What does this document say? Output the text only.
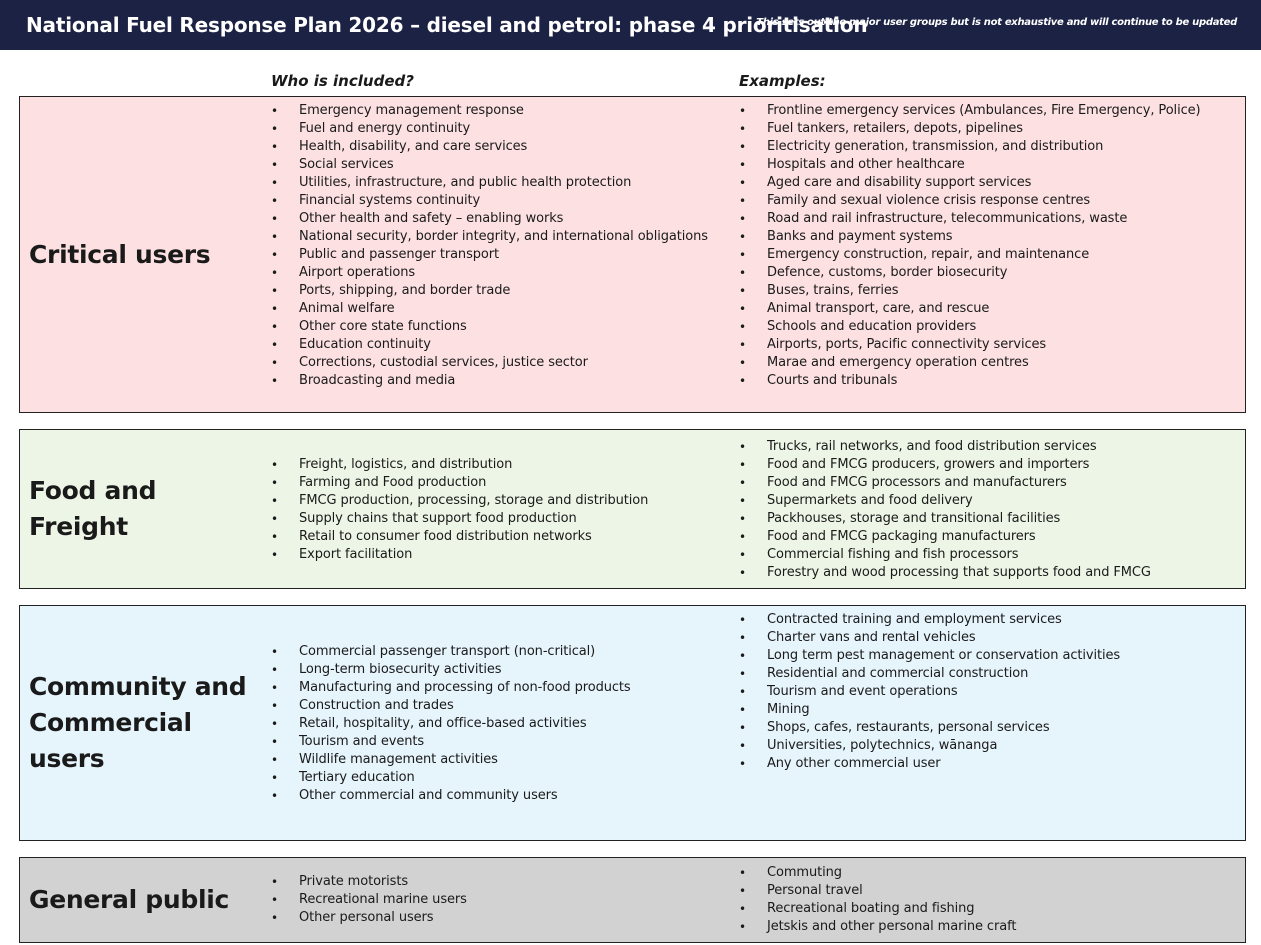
National Fuel Response Plan 2026 – diesel and petrol: phase 4 prioritisation
This sets out the major user groups but is not exhaustive and will continue to be updated
Who is included?	Examples:
Critical users
• Emergency management response
• Fuel and energy continuity
• Health, disability, and care services
• Social services
• Utilities, infrastructure, and public health protection
• Financial systems continuity
• Other health and safety – enabling works
• National security, border integrity, and international obligations
• Public and passenger transport
• Airport operations
• Ports, shipping, and border trade
• Animal welfare
• Other core state functions
• Education continuity
• Corrections, custodial services, justice sector
• Broadcasting and media
• Frontline emergency services (Ambulances, Fire Emergency, Police)
• Fuel tankers, retailers, depots, pipelines
• Electricity generation, transmission, and distribution
• Hospitals and other healthcare
• Aged care and disability support services
• Family and sexual violence crisis response centres
• Road and rail infrastructure, telecommunications, waste
• Banks and payment systems
• Emergency construction, repair, and maintenance
• Defence, customs, border biosecurity
• Buses, trains, ferries
• Animal transport, care, and rescue
• Schools and education providers
• Airports, ports, Pacific connectivity services
• Marae and emergency operation centres
• Courts and tribunals
Food and Freight
• Freight, logistics, and distribution
• Farming and Food production
• FMCG production, processing, storage and distribution
• Supply chains that support food production
• Retail to consumer food distribution networks
• Export facilitation
• Trucks, rail networks, and food distribution services
• Food and FMCG producers, growers and importers
• Food and FMCG processors and manufacturers
• Supermarkets and food delivery
• Packhouses, storage and transitional facilities
• Food and FMCG packaging manufacturers
• Commercial fishing and fish processors
• Forestry and wood processing that supports food and FMCG
Community and Commercial users
• Commercial passenger transport (non-critical)
• Long-term biosecurity activities
• Manufacturing and processing of non-food products
• Construction and trades
• Retail, hospitality, and office-based activities
• Tourism and events
• Wildlife management activities
• Tertiary education
• Other commercial and community users
• Contracted training and employment services
• Charter vans and rental vehicles
• Long term pest management or conservation activities
• Residential and commercial construction
• Tourism and event operations
• Mining
• Shops, cafes, restaurants, personal services
• Universities, polytechnics, wānanga
• Any other commercial user
General public
• Private motorists
• Recreational marine users
• Other personal users
• Commuting
• Personal travel
• Recreational boating and fishing
• Jetskis and other personal marine craft
